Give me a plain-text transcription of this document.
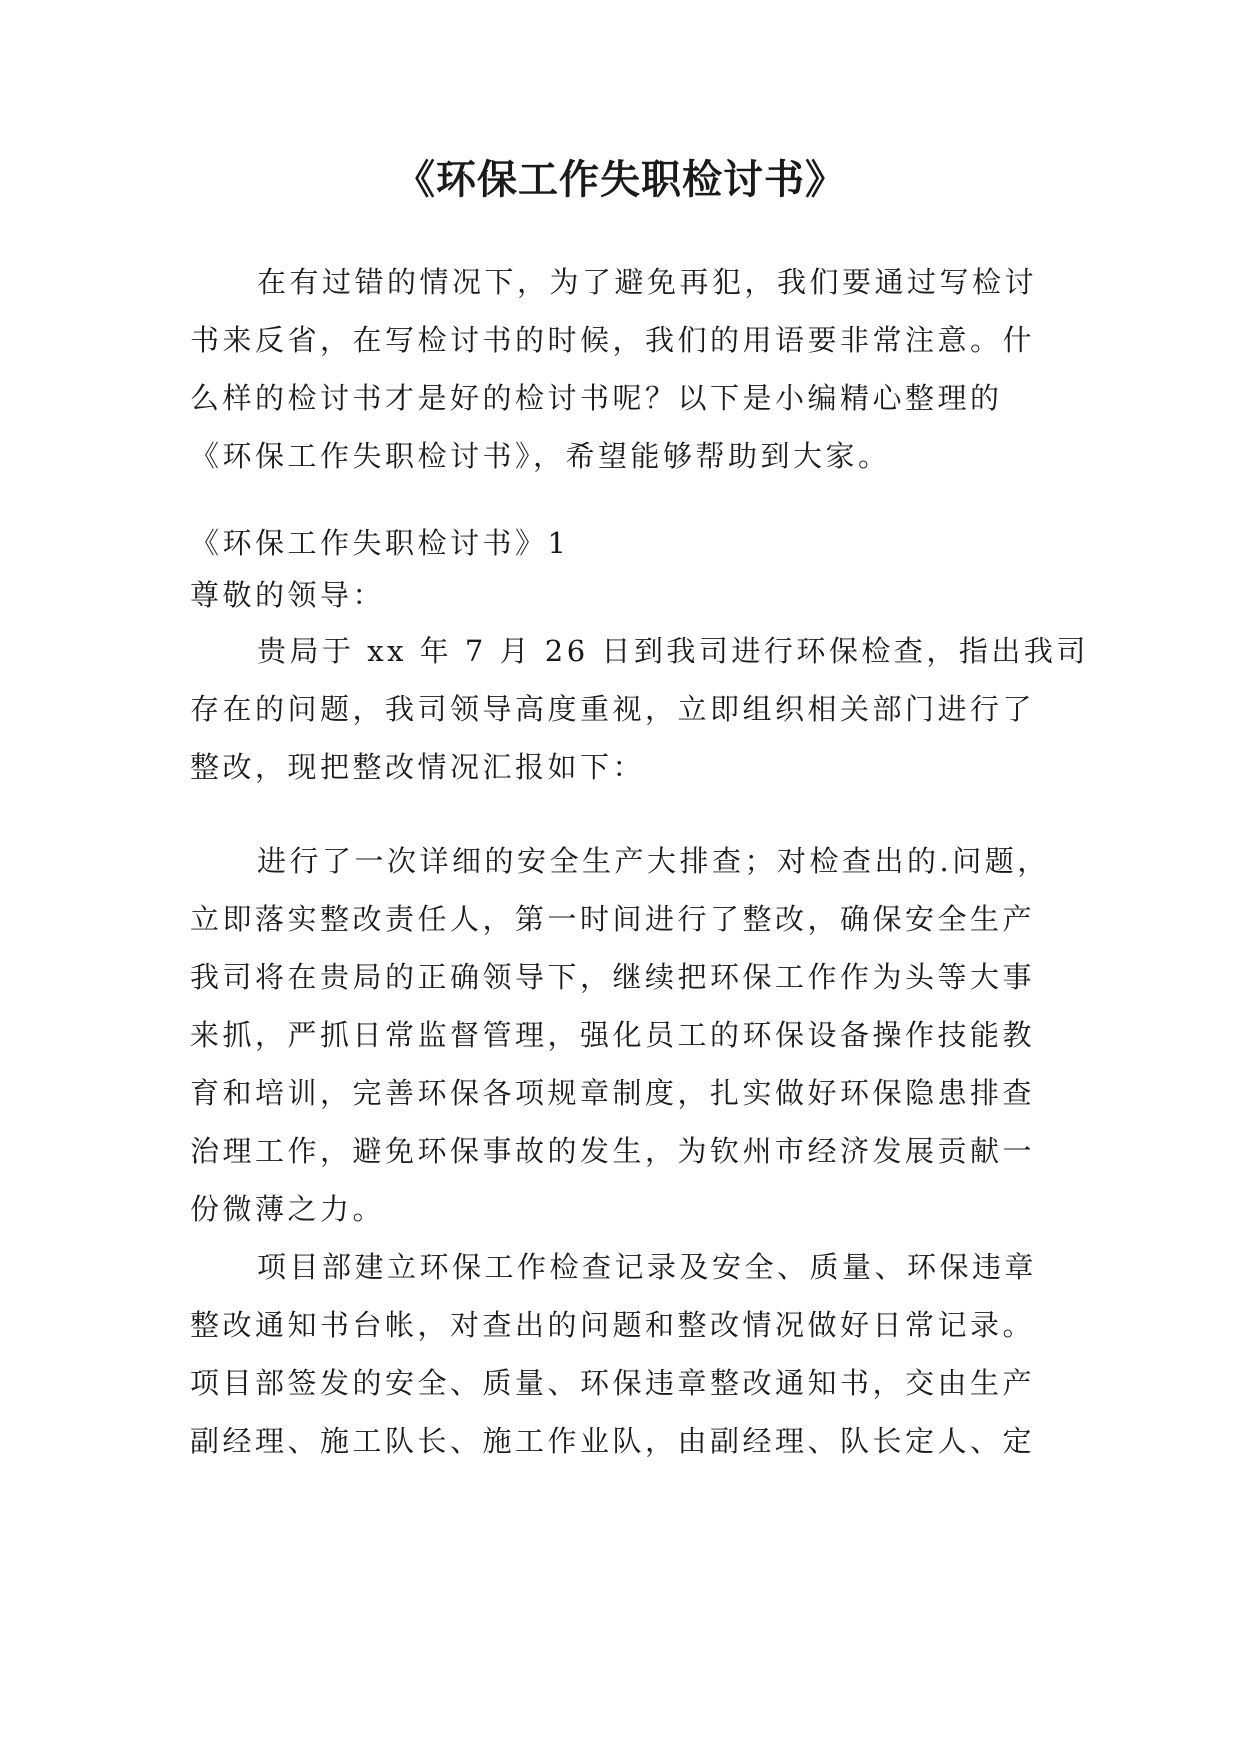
《环保工作失职检讨书》
在有过错的情况下，为了避免再犯，我们要通过写检讨
书来反省，在写检讨书的时候，我们的用语要非常注意。什
么样的检讨书才是好的检讨书呢？以下是小编精心整理的
《环保工作失职检讨书》，希望能够帮助到大家。
《环保工作失职检讨书》1
尊敬的领导：
贵局于 xx 年 7 月 26 日到我司进行环保检查，指出我司
存在的问题，我司领导高度重视，立即组织相关部门进行了
整改，现把整改情况汇报如下：
进行了一次详细的安全生产大排查；对检查出的.问题，
立即落实整改责任人，第一时间进行了整改，确保安全生产
我司将在贵局的正确领导下，继续把环保工作作为头等大事
来抓，严抓日常监督管理，强化员工的环保设备操作技能教
育和培训，完善环保各项规章制度，扎实做好环保隐患排查
治理工作，避免环保事故的发生，为钦州市经济发展贡献一
份微薄之力。
项目部建立环保工作检查记录及安全、质量、环保违章
整改通知书台帐，对查出的问题和整改情况做好日常记录。
项目部签发的安全、质量、环保违章整改通知书，交由生产
副经理、施工队长、施工作业队，由副经理、队长定人、定
